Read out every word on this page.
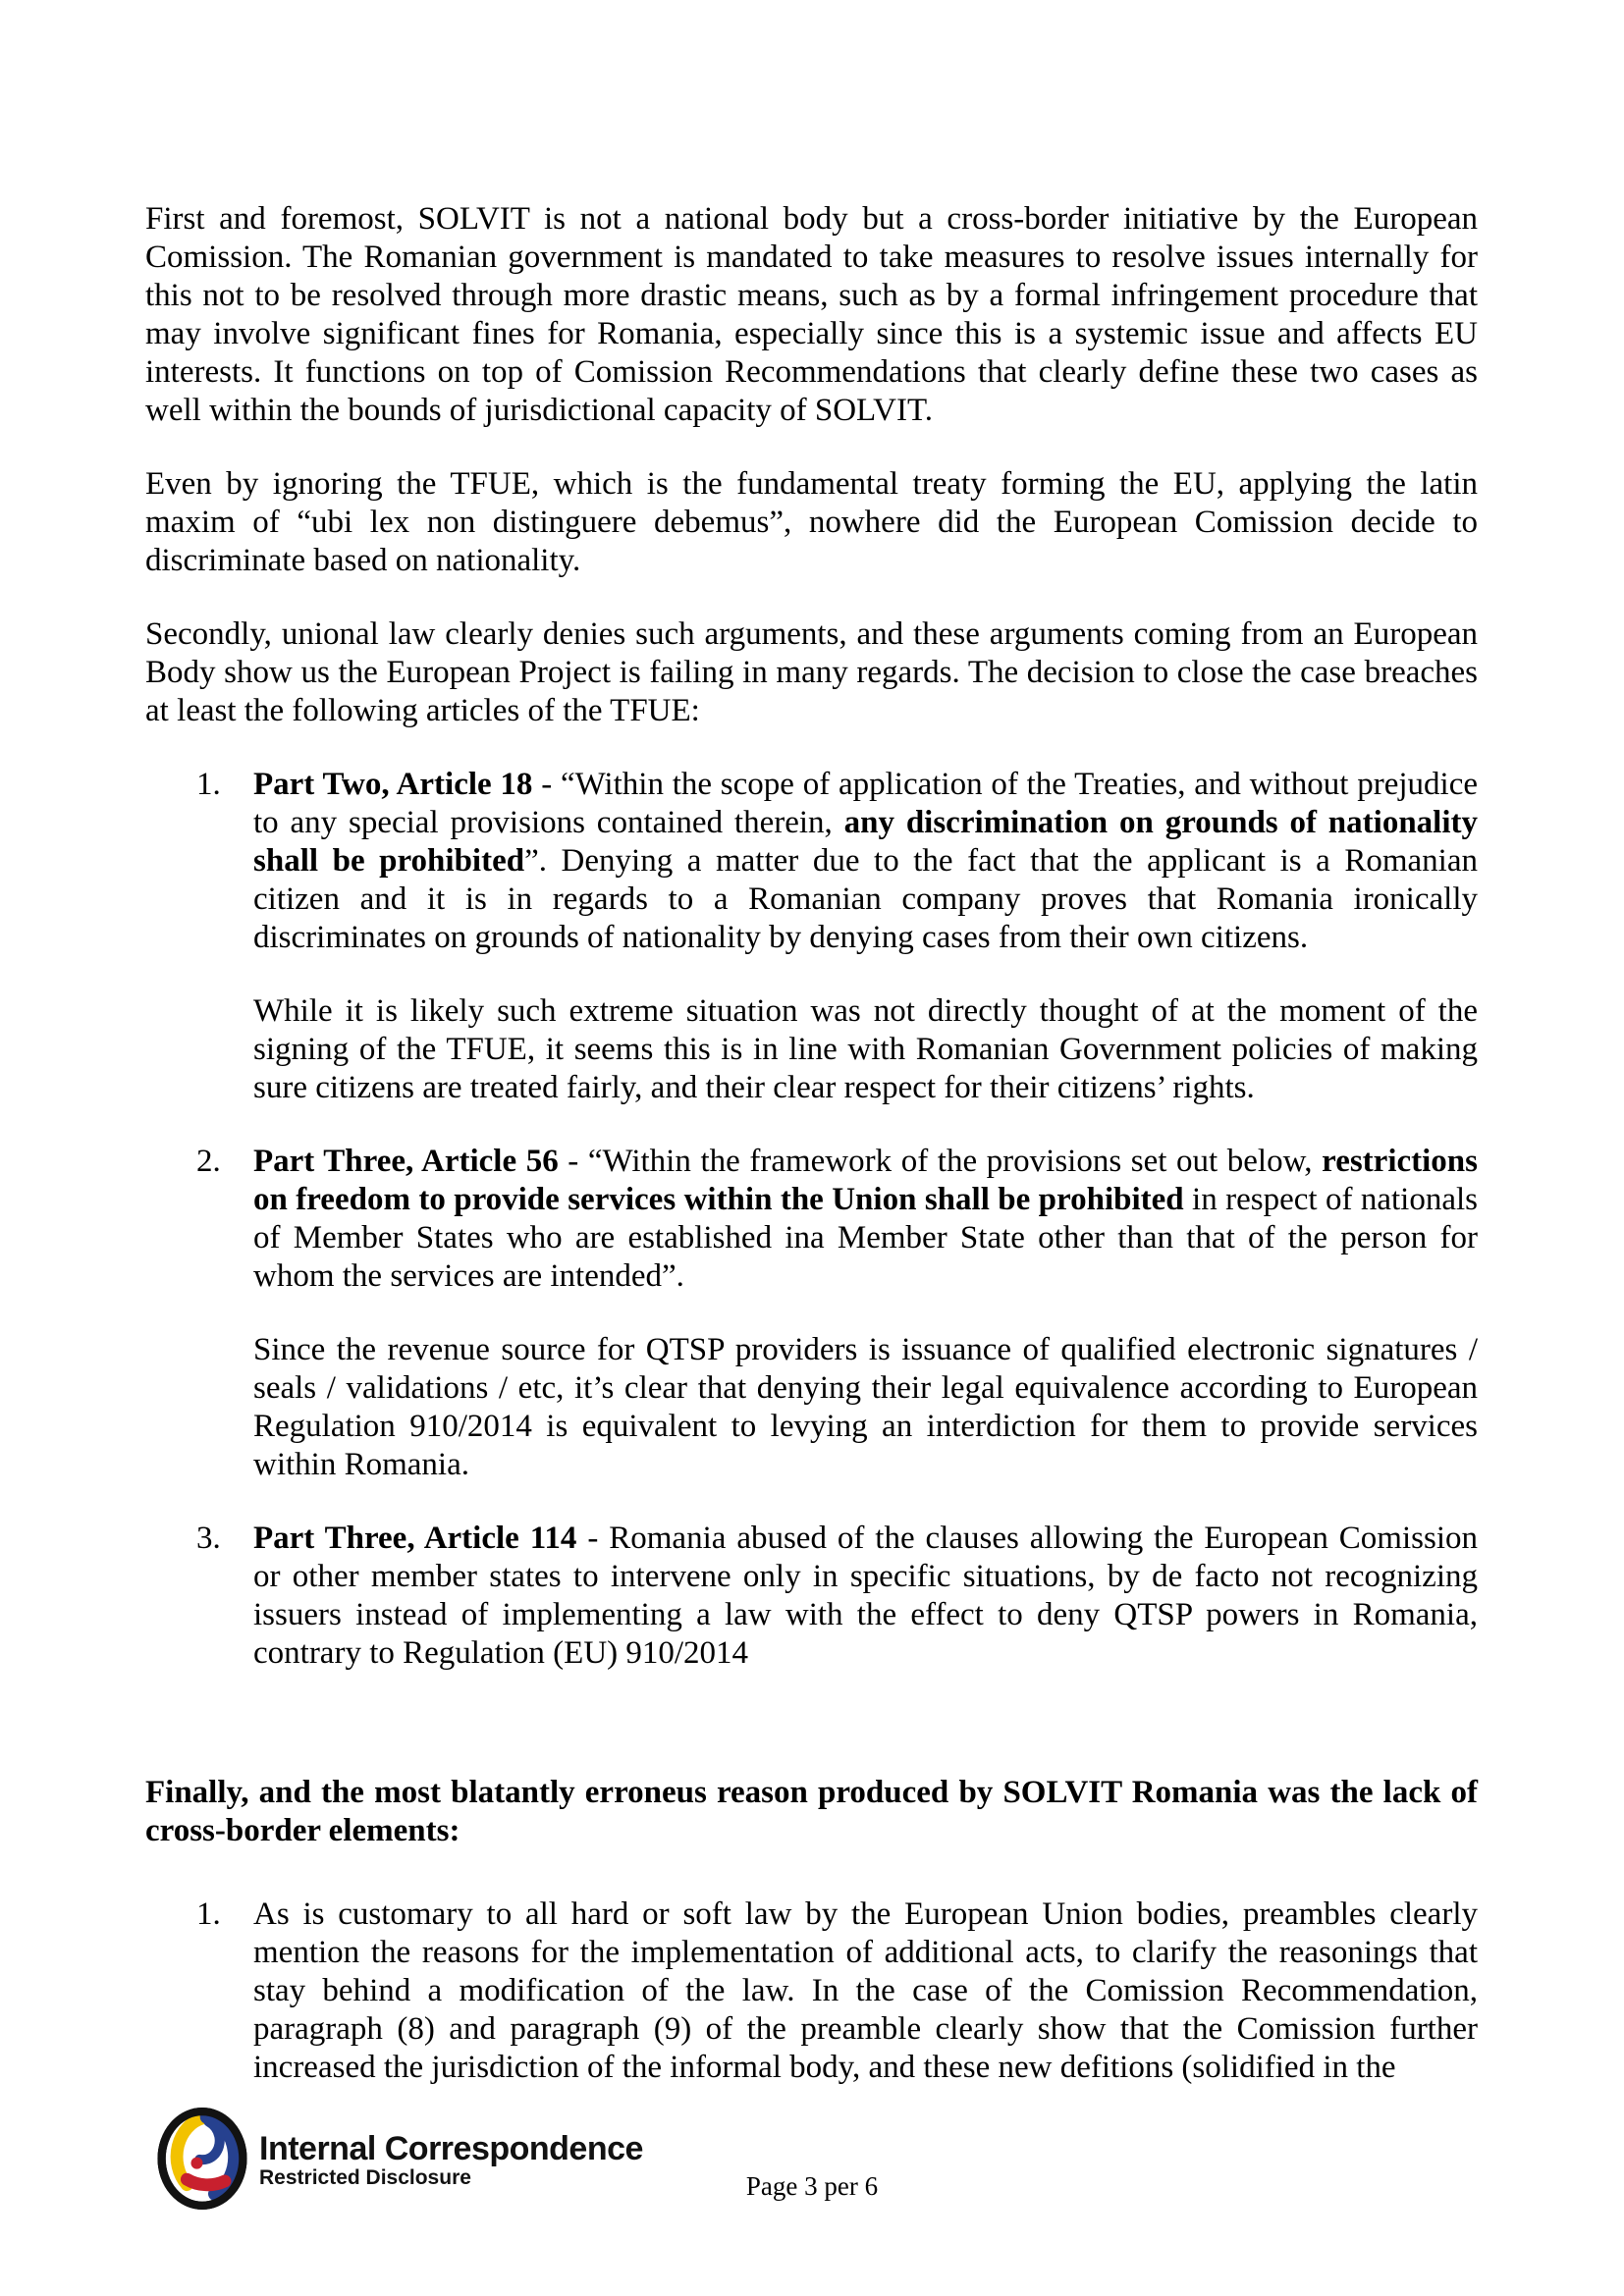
First and foremost, SOLVIT is not a national body but a cross-border initiative by the European Comission. The Romanian government is mandated to take measures to resolve issues internally for this not to be resolved through more drastic means, such as by a formal infringement procedure that may involve significant fines for Romania, especially since this is a systemic issue and affects EU interests. It functions on top of Comission Recommendations that clearly define these two cases as well within the bounds of jurisdictional capacity of SOLVIT.

Even by ignoring the TFUE, which is the fundamental treaty forming the EU, applying the latin maxim of “ubi lex non distinguere debemus”, nowhere did the European Comission decide to discriminate based on nationality.

Secondly, unional law clearly denies such arguments, and these arguments coming from an European Body show us the European Project is failing in many regards. The decision to close the case breaches at least the following articles of the TFUE:

1.	Part Two, Article 18 - “Within the scope of application of the Treaties, and without prejudice to any special provisions contained therein, any discrimination on grounds of nationality shall be prohibited”. Denying a matter due to the fact that the applicant is a Romanian citizen and it is in regards to a Romanian company proves that Romania ironically discriminates on grounds of nationality by denying cases from their own citizens.

While it is likely such extreme situation was not directly thought of at the moment of the signing of the TFUE, it seems this is in line with Romanian Government policies of making sure citizens are treated fairly, and their clear respect for their citizens’ rights.

2.	Part Three, Article 56 - “Within the framework of the provisions set out below, restrictions on freedom to provide services within the Union shall be prohibited in respect of nationals of Member States who are established ina Member State other than that of the person for whom the services are intended”.

Since the revenue source for QTSP providers is issuance of qualified electronic signatures / seals / validations / etc, it’s clear that denying their legal equivalence according to European Regulation 910/2014 is equivalent to levying an interdiction for them to provide services within Romania.

3.	Part Three, Article 114 - Romania abused of the clauses allowing the European Comission or other member states to intervene only in specific situations, by de facto not recognizing issuers instead of implementing a law with the effect to deny QTSP powers in Romania, contrary to Regulation (EU) 910/2014

Finally, and the most blatantly erroneus reason produced by SOLVIT Romania was the lack of cross-border elements:

1.	As is customary to all hard or soft law by the European Union bodies, preambles clearly mention the reasons for the implementation of additional acts, to clarify the reasonings that stay behind a modification of the law. In the case of the Comission Recommendation, paragraph (8) and paragraph (9) of the preamble clearly show that the Comission further increased the jurisdiction of the informal body, and these new defitions (solidified in the

Internal Correspondence
Restricted Disclosure	Page 3 per 6
